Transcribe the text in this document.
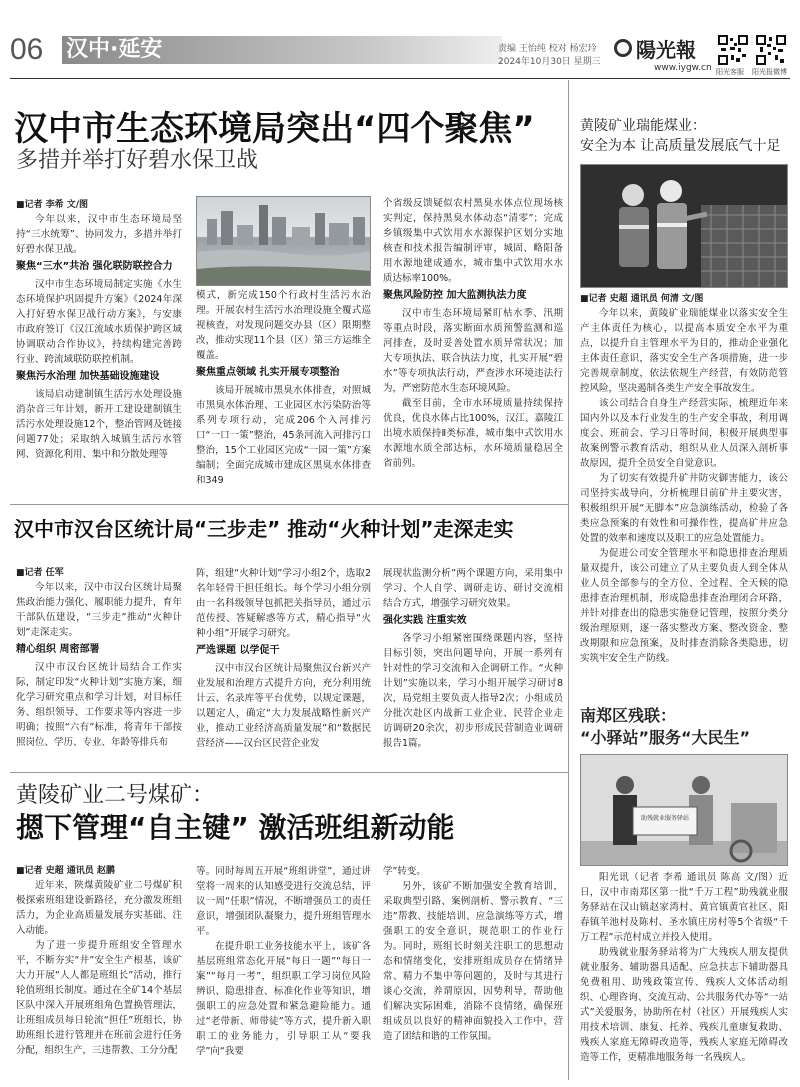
06 汉中·延安	责编 王怡纯 校对 杨宏玲
2024年10月30日 星期三 陽光報
www.iygw.cn 阳光客服 阳光报微博
汉中市生态环境局突出“四个聚焦”
多措并举打好碧水保卫战
■记者 李希 文/图

今年以来，汉中市生态环境局坚持“三水统筹”、协同发力，多措并举打好碧水保卫战。

聚焦“三水”共治 强化联防联控合力

汉中市生态环境局制定实施《水生态环境保护巩固提升方案》《2024年深入打好碧水保卫战行动方案》，与安康市政府签订《汉江流域水质保护跨区域协调联动合作协议》，持续构建完善跨行业、跨流域联防联控机制。

聚焦污水治理 加快基础设施建设

该局启动建制镇生活污水处理设施消杂音三年计划，新开工建设建制镇生活污水处理设施12个，整治管网及链接问题77处；采取纳入城镇生活污水管网、资源化利用、集中和分散处理等

模式，新完成150个行政村生活污水治理。开展农村生活污水治理设施全覆式巡视核查，对发现问题交办县（区）限期整改，推动实现11个县（区）第三方运维全覆盖。

聚焦重点领域 扎实开展专项整治

该局开展城市黑臭水体排查，对照城市黑臭水体治理、工业园区水污染防治等系列专项行动，完成206个入河排污口“一口一策”整治，45条河流入河排污口整治，15个工业园区完成“一园一策”方案编制；全面完成城市建成区黑臭水体排查和349

个省级反馈疑似农村黑臭水体点位现场核实判定，保持黑臭水体动态“清零”；完成乡镇级集中式饮用水水源保护区划分实地核查和技术报告编制评审，城固、略阳备用水源地建成通水，城市集中式饮用水水质达标率100%。

聚焦风险防控 加大监测执法力度

汉中市生态环境局紧盯枯水季、汛期等重点时段，落实断面水质预警监测和巡河排查，及时妥善处置水质异常状况；加大专项执法、联合执法力度，扎实开展“碧水”等专项执法行动，严查涉水环境违法行为，严密防范水生态环境风险。

截至目前，全市水环境质量持续保持优良，优良水体占比100%，汉江、嘉陵江出境水质保持Ⅱ类标准，城市集中式饮用水水源地水质全部达标，水环境质量稳居全省前列。

汉中市汉台区统计局“三步走” 推动“火种计划”走深走实
■记者 任军

今年以来，汉中市汉台区统计局聚焦政治能力强化、履职能力提升，育年干部队伍建设，“三步走”推动“火种计划”走深走实。

精心组织 周密部署

汉中市汉台区统计局结合工作实际，制定印发“火种计划”实施方案，细化学习研究重点和学习计划，对目标任务、组织领导、工作要求等内容进一步明确；按照“六有”标准，将青年干部按照岗位、学历、专业、年龄等排兵布

阵，组建“火种计划”学习小组2个，选取2名年轻骨干担任组长。每个学习小组分别由一名科级领导包抓把关指导员，通过示范传授、答疑解惑等方式，精心指导“火种小组”开展学习研究。

严选课题 以学促干

汉中市汉台区统计局聚焦汉台新兴产业发展和治理方式提升方向，充分利用统计云、名录库等平台优势，以规定课题，以题定人，确定“大力发展战略性新兴产业，推动工业经济高质量发展”和“数据民营经济——汉台区民营企业发

展现状监测分析”两个课题方向，采用集中学习、个人自学、调研走访、研讨交流相结合方式，增强学习研究效果。

强化实践 注重实效

各学习小组紧密围绕课题内容，坚持目标引领，突出问题导向，开展一系列有针对性的学习交流和入企调研工作。“火种计划”实施以来，学习小组开展学习研讨8次，局党组主要负责人指导2次；小组成员分批次赴区内战新工业企业、民营企业走访调研20余次，初步形成民营制造业调研报告1篇。

黄陵矿业二号煤矿：
摁下管理“自主键” 激活班组新动能
■记者 史超 通讯员 赵鹏

近年来，陕煤黄陵矿业二号煤矿积极探索班组建设新路径，充分激发班组活力，为企业高质量发展夯实基础、注入动能。

为了进一步提升班组安全管理水平，不断夯实“井”安全生产根基，该矿大力开展“人人都是班组长”活动，推行轮值班组长制度。通过在全矿14个基层区队中深入开展班组角色置换管理法，让班组成员每日轮流“担任”班组长，协助班组长进行管理并在班前会进行任务分配，组织生产，三违帮教、工分分配

等。同时每周五开展“班组讲堂”，通过讲堂将一周来的认知感受进行交流总结，评议一周“任职”情况，不断增强员工的责任意识，增强团队凝聚力，提升班组管理水平。

在提升职工业务技能水平上，该矿各基层班组常态化开展“每日一题”“每日一案”“每月一考”，组织职工学习岗位风险辨识、隐患排查、标准化作业等知识，增强职工的应急处置和紧急避险能力。通过“老带新、师带徒”等方式，提升新入职职工的业务能力，引导职工从“要我学”向“我要

学”转变。

另外，该矿不断加强安全教育培训，采取典型引路、案例剖析、警示教育、“三违”帮教、技能培训、应急演练等方式，增强职工的安全意识，规范职工的作业行为。同时，班组长时刻关注职工的思想动态和情绪变化，安排班组成员存在情绪异常、精力不集中等问题的，及时与其进行谈心交流，养谓原因，因势利导，帮助他们解决实际困难，消除不良情绪，确保班组成员以良好的精神面貌投入工作中，营造了团结和谐的工作氛围。

黄陵矿业瑞能煤业：
安全为本 让高质量发展底气十足
■记者 史超 通讯员 何清 文/图

今年以来，黄陵矿业瑞能煤业以落实安全生产主体责任为核心，以提高本质安全水平为重点，以提升自主管理水平为目的，推动企业强化主体责任意识，落实安全生产各项措施，进一步完善规章制度，依法依规生产经营，有效防范管控风险，坚决遏制各类生产安全事故发生。

该公司结合自身生产经营实际，梳理近年来国内外以及本行业发生的生产安全事故，利用调度会、班前会、学习日等时间，积极开展典型事故案例警示教育活动，组织从业人员深入剖析事故原因，提升全员安全自觉意识。

为了切实有效提升矿井防灾御害能力，该公司坚持实战导向，分析梳理目前矿井主要灾害，积极组织开展“无脚本”应急演练活动，检验了各类应急预案的有效性和可操作性，提高矿井应急处置的效率和速度以及职工的应急处置能力。

为促进公司安全管理水平和隐患排查治理质量双提升，该公司建立了从主要负责人到全体从业人员全部参与的全方位、全过程、全天候的隐患排查治理机制，形成隐患排查治理闭合环路，并针对排查出的隐患实施登记管理，按照分类分级治理原则，逐一落实整改方案、整改资金、整改期限和应急预案，及时排查消除各类隐患，切实筑牢安全生产防线。

南郑区残联：
“小驿站”服务“大民生”
助残就业服务驿站

阳光讯（记者 李希 通讯员 陈高 文/图）近日，汉中市南郑区第一批“千万工程”助残就业服务驿站在汉山镇赵家湾村、黄官镇黄官社区、阳春镇羊池村及陈村、圣水镇庄房村等5个省级“千万工程”示范村成立并投入使用。

助残就业服务驿站将为广大残疾人朋友提供就业服务、辅助器具适配、应急扶志下辅助器具免费租用、助残政策宣传、残疾人文体活动组织、心理咨询、交流互动、公共服务代办等“一站式”关爱服务，协助所在村（社区）开展残疾人实用技术培训、康复、托养、残疾儿童康复救助、残疾人家庭无障碍改造等，残疾人家庭无障碍改造等工作，更精准地服务每一名残疾人。
